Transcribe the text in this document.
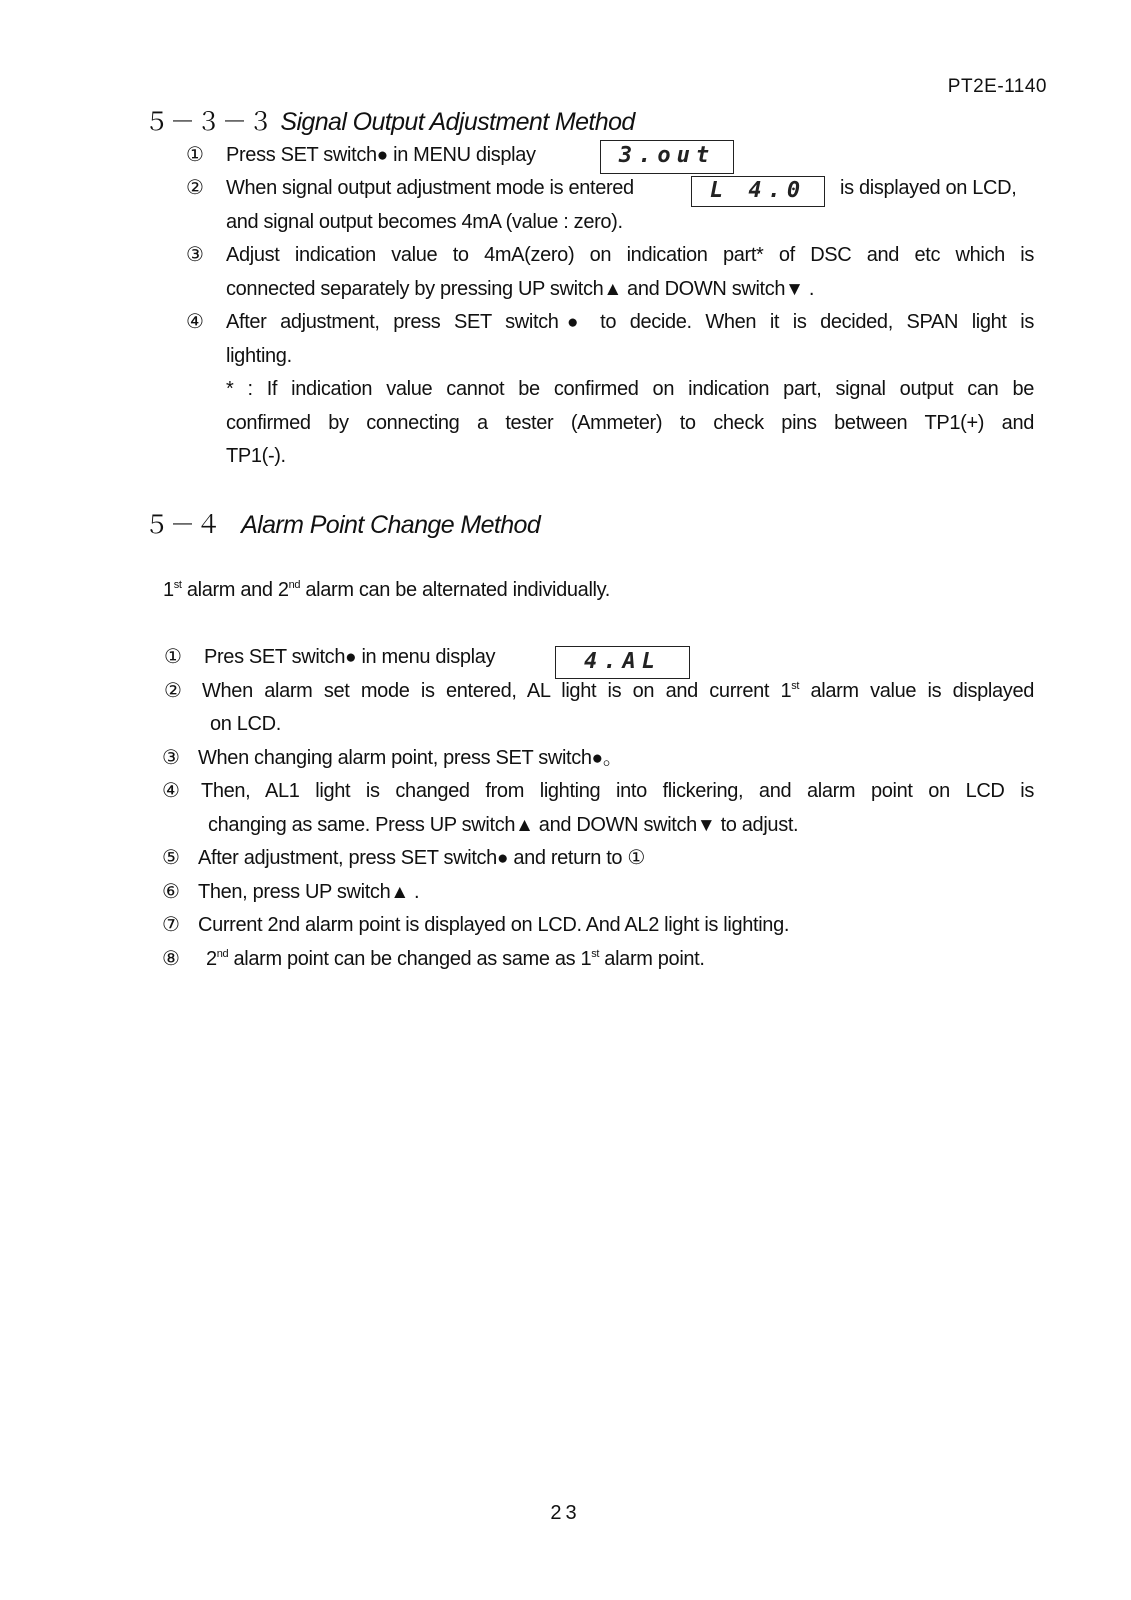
PT2E-1140
５－３－３ Signal Output Adjustment Method
① Press SET switch● in MENU display	3.out
② When signal output adjustment mode is entered	L 4.0	is displayed on LCD,
and signal output becomes 4mA (value : zero).
③	Adjust indication value to 4mA(zero) on indication part* of DSC and etc which is
connected separately by pressing UP switch▲ and DOWN switch▼ .
④	After adjustment, press SET switch● to decide. When it is decided, SPAN light is
lighting.
* : If indication value cannot be confirmed on indication part, signal output can be
confirmed by connecting a tester (Ammeter) to check pins between TP1(+) and
TP1(-).
５－４ Alarm Point Change Method
1st alarm and 2nd alarm can be alternated individually.
① Pres SET switch● in menu display	4.AL
②	When alarm set mode is entered, AL light is on and current 1st alarm value is displayed
on LCD.
③ When changing alarm point, press SET switch●。
④	Then, AL1 light is changed from lighting into flickering, and alarm point on LCD is
changing as same. Press UP switch▲ and DOWN switch▼ to adjust.
⑤ After adjustment, press SET switch● and return to ①
⑥ Then, press UP switch▲ .
⑦ Current 2nd alarm point is displayed on LCD. And AL2 light is lighting.
⑧ 2nd alarm point can be changed as same as 1st alarm point.
23
